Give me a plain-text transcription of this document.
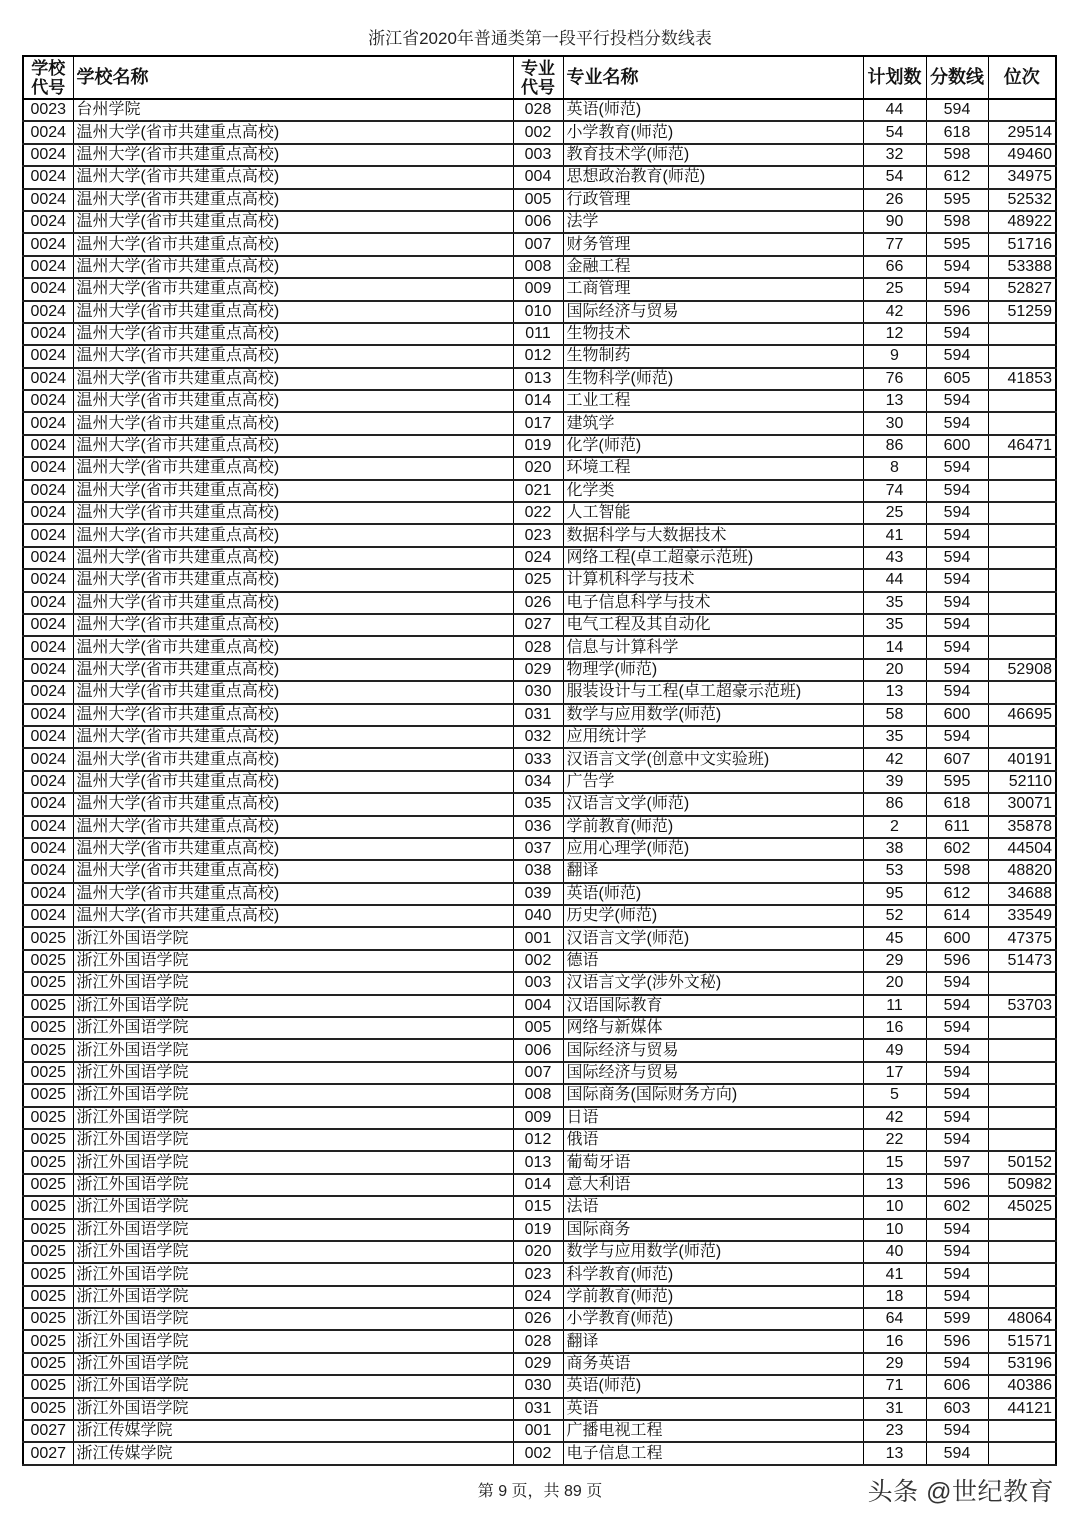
浙江省2020年普通类第一段平行投档分数线表
学校代号	学校名称	专业代号	专业名称	计划数	分数线	位次
0023	台州学院	028	英语(师范)	44	594	
0024	温州大学(省市共建重点高校)	002	小学教育(师范)	54	618	29514
0024	温州大学(省市共建重点高校)	003	教育技术学(师范)	32	598	49460
0024	温州大学(省市共建重点高校)	004	思想政治教育(师范)	54	612	34975
0024	温州大学(省市共建重点高校)	005	行政管理	26	595	52532
0024	温州大学(省市共建重点高校)	006	法学	90	598	48922
0024	温州大学(省市共建重点高校)	007	财务管理	77	595	51716
0024	温州大学(省市共建重点高校)	008	金融工程	66	594	53388
0024	温州大学(省市共建重点高校)	009	工商管理	25	594	52827
0024	温州大学(省市共建重点高校)	010	国际经济与贸易	42	596	51259
0024	温州大学(省市共建重点高校)	011	生物技术	12	594	
0024	温州大学(省市共建重点高校)	012	生物制药	9	594	
0024	温州大学(省市共建重点高校)	013	生物科学(师范)	76	605	41853
0024	温州大学(省市共建重点高校)	014	工业工程	13	594	
0024	温州大学(省市共建重点高校)	017	建筑学	30	594	
0024	温州大学(省市共建重点高校)	019	化学(师范)	86	600	46471
0024	温州大学(省市共建重点高校)	020	环境工程	8	594	
0024	温州大学(省市共建重点高校)	021	化学类	74	594	
0024	温州大学(省市共建重点高校)	022	人工智能	25	594	
0024	温州大学(省市共建重点高校)	023	数据科学与大数据技术	41	594	
0024	温州大学(省市共建重点高校)	024	网络工程(卓工超豪示范班)	43	594	
0024	温州大学(省市共建重点高校)	025	计算机科学与技术	44	594	
0024	温州大学(省市共建重点高校)	026	电子信息科学与技术	35	594	
0024	温州大学(省市共建重点高校)	027	电气工程及其自动化	35	594	
0024	温州大学(省市共建重点高校)	028	信息与计算科学	14	594	
0024	温州大学(省市共建重点高校)	029	物理学(师范)	20	594	52908
0024	温州大学(省市共建重点高校)	030	服装设计与工程(卓工超豪示范班)	13	594	
0024	温州大学(省市共建重点高校)	031	数学与应用数学(师范)	58	600	46695
0024	温州大学(省市共建重点高校)	032	应用统计学	35	594	
0024	温州大学(省市共建重点高校)	033	汉语言文学(创意中文实验班)	42	607	40191
0024	温州大学(省市共建重点高校)	034	广告学	39	595	52110
0024	温州大学(省市共建重点高校)	035	汉语言文学(师范)	86	618	30071
0024	温州大学(省市共建重点高校)	036	学前教育(师范)	2	611	35878
0024	温州大学(省市共建重点高校)	037	应用心理学(师范)	38	602	44504
0024	温州大学(省市共建重点高校)	038	翻译	53	598	48820
0024	温州大学(省市共建重点高校)	039	英语(师范)	95	612	34688
0024	温州大学(省市共建重点高校)	040	历史学(师范)	52	614	33549
0025	浙江外国语学院	001	汉语言文学(师范)	45	600	47375
0025	浙江外国语学院	002	德语	29	596	51473
0025	浙江外国语学院	003	汉语言文学(涉外文秘)	20	594	
0025	浙江外国语学院	004	汉语国际教育	11	594	53703
0025	浙江外国语学院	005	网络与新媒体	16	594	
0025	浙江外国语学院	006	国际经济与贸易	49	594	
0025	浙江外国语学院	007	国际经济与贸易	17	594	
0025	浙江外国语学院	008	国际商务(国际财务方向)	5	594	
0025	浙江外国语学院	009	日语	42	594	
0025	浙江外国语学院	012	俄语	22	594	
0025	浙江外国语学院	013	葡萄牙语	15	597	50152
0025	浙江外国语学院	014	意大利语	13	596	50982
0025	浙江外国语学院	015	法语	10	602	45025
0025	浙江外国语学院	019	国际商务	10	594	
0025	浙江外国语学院	020	数学与应用数学(师范)	40	594	
0025	浙江外国语学院	023	科学教育(师范)	41	594	
0025	浙江外国语学院	024	学前教育(师范)	18	594	
0025	浙江外国语学院	026	小学教育(师范)	64	599	48064
0025	浙江外国语学院	028	翻译	16	596	51571
0025	浙江外国语学院	029	商务英语	29	594	53196
0025	浙江外国语学院	030	英语(师范)	71	606	40386
0025	浙江外国语学院	031	英语	31	603	44121
0027	浙江传媒学院	001	广播电视工程	23	594	
0027	浙江传媒学院	002	电子信息工程	13	594	
第 9 页，共 89 页	头条 @世纪教育
